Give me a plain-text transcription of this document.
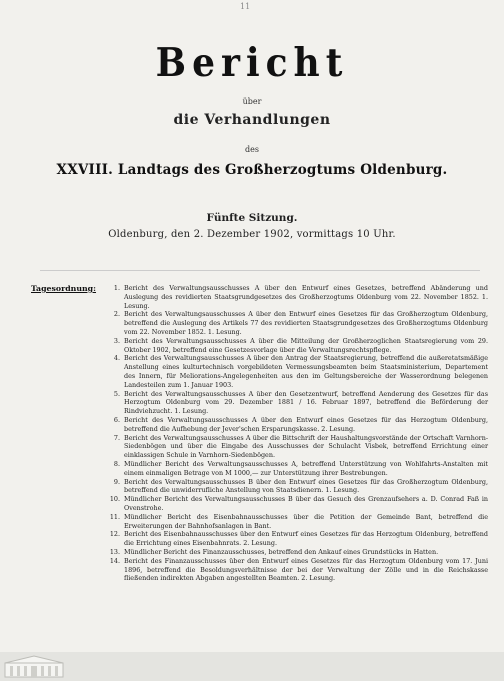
11
Bericht
über
die Verhandlungen
des
XXVIII. Landtags des Großherzogtums Oldenburg.
Fünfte Sitzung.
Oldenburg, den 2. Dezember 1902, vormittags 10 Uhr.
Tagesordnung:	1. Bericht des Verwaltungsausschusses A über den Entwurf eines Gesetzes, betreffend Abänderung und Auslegung des revidierten Staatsgrundgesetzes des Großherzogtums Oldenburg vom 22. November 1852. 1. Lesung.
2. Bericht des Verwaltungsausschusses A über den Entwurf eines Gesetzes für das Großherzogtum Oldenburg, betreffend die Auslegung des Artikels 77 des revidierten Staatsgrundgesetzes des Großherzogtums Oldenburg vom 22. November 1852. 1. Lesung.
3. Bericht des Verwaltungsausschusses A über die Mitteilung der Großherzoglichen Staatsregierung vom 29. Oktober 1902, betreffend eine Gesetzesvorlage über die Verwaltungsrechtspflege.
4. Bericht des Verwaltungsausschusses A über den Antrag der Staatsregierung, betreffend die außeretatsmäßige Anstellung eines kulturtechnisch vorgebildeten Vermessungsbeamten beim Staatsministerium, Departement des Innern, für Meliorations-Angelegenheiten aus den im Geltungsbereiche der Wasserordnung belegenen Landesteilen zum 1. Januar 1903.
5. Bericht des Verwaltungsausschusses A über den Gesetzentwurf, betreffend Aenderung des Gesetzes für das Herzogtum Oldenburg vom 29. Dezember 1881 / 16. Februar 1897, betreffend die Beförderung der Rindviehzucht. 1. Lesung.
6. Bericht des Verwaltungsausschusses A über den Entwurf eines Gesetzes für das Herzogtum Oldenburg, betreffend die Aufhebung der Jever'schen Ersparungskasse. 2. Lesung.
7. Bericht des Verwaltungsausschusses A über die Bittschrift der Haushaltungsvorstände der Ortschaft Varnhorn-Siedenbögen und über die Eingabe des Ausschusses der Schulacht Visbek, betreffend Errichtung einer einklassigen Schule in Varnhorn-Siedenbögen.
8. Mündlicher Bericht des Verwaltungsausschusses A, betreffend Unterstützung von Wohlfahrts-Anstalten mit einem einmaligen Betrage von M 1000,— zur Unterstützung ihrer Bestrebungen.
9. Bericht des Verwaltungsausschusses B über den Entwurf eines Gesetzes für das Großherzogtum Oldenburg, betreffend die unwiderrufliche Anstellung von Staatsdienern. 1. Lesung.
10. Mündlicher Bericht des Verwaltungsausschusses B über das Gesuch des Grenzaufsehers a. D. Conrad Faß in Ovenstrohe.
11. Mündlicher Bericht des Eisenbahnausschusses über die Petition der Gemeinde Bant, betreffend die Erweiterungen der Bahnhofsanlagen in Bant.
12. Bericht des Eisenbahnausschusses über den Entwurf eines Gesetzes für das Herzogtum Oldenburg, betreffend die Errichtung eines Eisenbahnrats. 2. Lesung.
13. Mündlicher Bericht des Finanzausschusses, betreffend den Ankauf eines Grundstücks in Hatten.
14. Bericht des Finanzausschusses über den Entwurf eines Gesetzes für das Herzogtum Oldenburg vom 17. Juni 1896, betreffend die Besoldungsverhältnisse der bei der Verwaltung der Zölle und in die Reichskasse fließenden indirekten Abgaben angestellten Beamten. 2. Lesung.
